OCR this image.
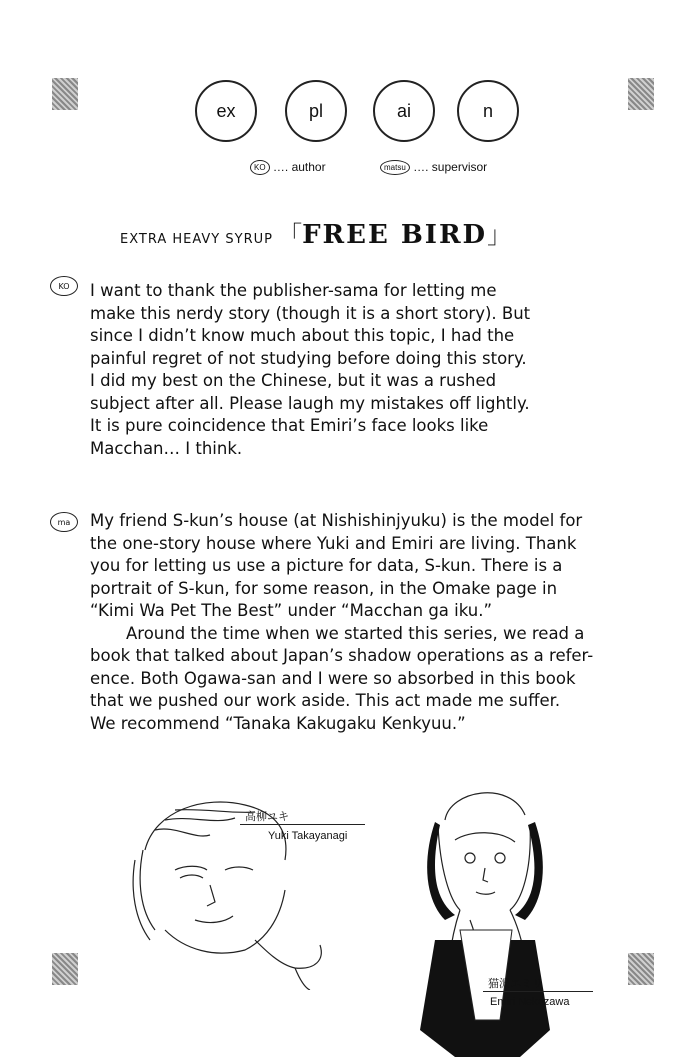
ex	pl	ai	n
KO …. author	matsu …. supervisor
EXTRA HEAVY SYRUP 「FREE BIRD」
KO	I want to thank the publisher-sama for letting me

make this nerdy story (though it is a short story). But

since I didn’t know much about this topic, I had the

painful regret of not studying before doing this story.

I did my best on the Chinese, but it was a rushed

subject after all. Please laugh my mistakes off lightly.

It is pure coincidence that Emiri’s face looks like

Macchan… I think.

ma	My friend S-kun’s house (at Nishishinjyuku) is the model for

the one-story house where Yuki and Emiri are living. Thank

you for letting us use a picture for data, S-kun. There is a

portrait of S-kun, for some reason, in the Omake page in

“Kimi Wa Pet The Best” under “Macchan ga iku.”

Around the time when we started this series, we read a

book that talked about Japan’s shadow operations as a refer-

ence. Both Ogawa-san and I were so absorbed in this book

that we pushed our work aside. This act made me suffer.

We recommend “Tanaka Kakugaku Kenkyuu.”

高柳ユキ
Yuki Takayanagi
猫沢エミリ
Emiri Nekozawa
